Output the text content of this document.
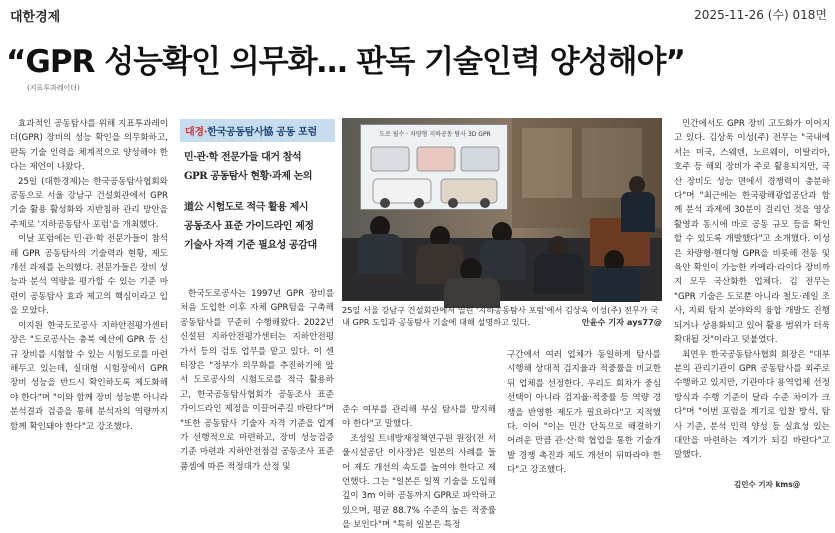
대한경제	2025-11-26 (수) 018면
“GPR 성능확인 의무화… 판독 기술인력 양성해야”
(지표투과레이더)

효과적인 공동탐사를 위해 지표투과레이더(GPR) 장비의 성능 확인을 의무화하고, 판독 기술 인력을 체계적으로 양성해야 한다는 제언이 나왔다.

25일 (대한경제)는 한국공동탐사협회와 공동으로 서울 강남구 건설회관에서 GPR 기술 활용 활성화와 지반침하 관리 방안을 주제로 '지하공동탐사 포럼'을 개최했다.

이날 포럼에는 민·관·학 전문가들이 참석해 GPR 공동탐사의 기술력과 현황, 제도 개선 과제를 논의했다. 전문가들은 장비 성능과 분석 역량을 평가할 수 있는 기준 마련이 공동탐사 효과 제고의 핵심이라고 입을 모았다.

이지원 한국도로공사 지하안전평가센터장은 "도로공사는 충북 예산에 GPR 등 신규 장비를 시험할 수 있는 시험도로를 마련해두고 있는데, 실대형 시험장에서 GPR 장비 성능을 반드시 확인하도록 제도화해야 한다"며 "이와 함께 장비 성능뿐 아니라 분석결과 검증을 통해 분석자의 역량까지 함께 확인돼야 한다"고 강조했다.

대경·한국공동탐사協 공동 포럼
민·관·학 전문가들 대거 참석
GPR 공동탐사 현황·과제 논의
道公 시험도로 적극 활용 제시
공동조사 표준 가이드라인 제정
기술사 자격 기준 필요성 공감대

한국도로공사는 1997년 GPR 장비를 처음 도입한 이후 자체 GPR팀을 구축해 공동탐사를 꾸준히 수행해왔다. 2022년 신설된 지하안전평가센터는 지하안전평가서 등의 검토 업무를 맡고 있다. 이 센터장은 "정부가 의무화를 추진하기에 앞서 도로공사의 시험도로를 적극 활용하고, 한국공동탐사협회가 공동조사 표준 가이드라인 제정을 이끌어주길 바란다"며 "또한 공동탐사 기술자 자격 기준을 업계가 선행적으로 마련하고, 장비 성능검증 기준 마련과 지하안전점검 공동조사 표준 품셈에 따른 적정대가 산정 및

도로 필수 · 차량형 지하공동 탐사 3D GPR
25일 서울 강남구 건설회관에서 열린 '지하공동탐사 포럼'에서 김상욱 이성(주) 전무가 국내 GPR 도입과 공동탐사 기술에 대해 설명하고 있다.	안윤수 기자 ays77@

준수 여부를 관리해 부실 탐사를 방지해야 한다"고 말했다.

조성일 트네방재정책연구원 원장(전 서울시설공단 이사장)은 일본의 사례를 들어 제도 개선의 속도를 높여야 한다고 제언했다. 그는 "일본은 일찍 기술을 도입해 깊이 3m 이하 공동까지 GPR로 파악하고 있으며, 평균 88.7% 수준의 높은 적중률을 보인다"며 "특히 일본은 특정

구간에서 여러 업체가 동일하게 탐사를 시행해 상대적 검지율과 적중률을 비교한 뒤 업체를 선정한다. 우리도 회차가 중심 선택이 아니라 검지율·적중률 등 역량 경쟁을 반영한 제도가 필요하다"고 지적했다. 이어 "이는 민간 단독으로 해결하기 어려운 만큼 관·산·학 협업을 통한 기술개발 경쟁 촉진과 제도 개선이 뒤따라야 한다"고 강조했다.

민간에서도 GPR 장비 고도화가 이어지고 있다. 김상욱 이성(주) 전무는 "국내에서는 미국, 스웨덴, 노르웨이, 이탈리아, 호주 등 해외 장비가 주로 활용되지만, 국산 장비도 성능 면에서 경쟁력이 충분하다"며 "최근에는 한국광해광업공단과 함께 분석 과제에 30분이 걸리던 것을 영상 활영과 동시에 바로 공동 규모 등을 확인할 수 있도록 개발했다"고 소개했다. 이성은 차량형·핸디형 GPR을 비롯해 전동 및 육안 확인이 가능한 카메라·라이다 장비까지 모두 국산화한 업체다. 김 전무는 "GPR 기술은 도로뿐 아니라 철도·레일 조사, 지뢰 탐지 분야와의 융합 개발도 진행되거나 상용화되고 있어 활용 범위가 더욱 확대될 것"이라고 덧붙였다.

최연우 한국공동탐사협회 회장은 "대부분의 관리기관이 GPR 공동탐사를 외주로 수행하고 있지만, 기관마다 용역업체 선정 방식과 수행 기준이 달라 수준 차이가 크다"며 "이번 포럼을 계기로 입찰 방식, 탐사 기준, 분석 인력 양성 등 실효성 있는 대안을 마련하는 계기가 되길 바란다"고 말했다.

김민수 기자 kms@
